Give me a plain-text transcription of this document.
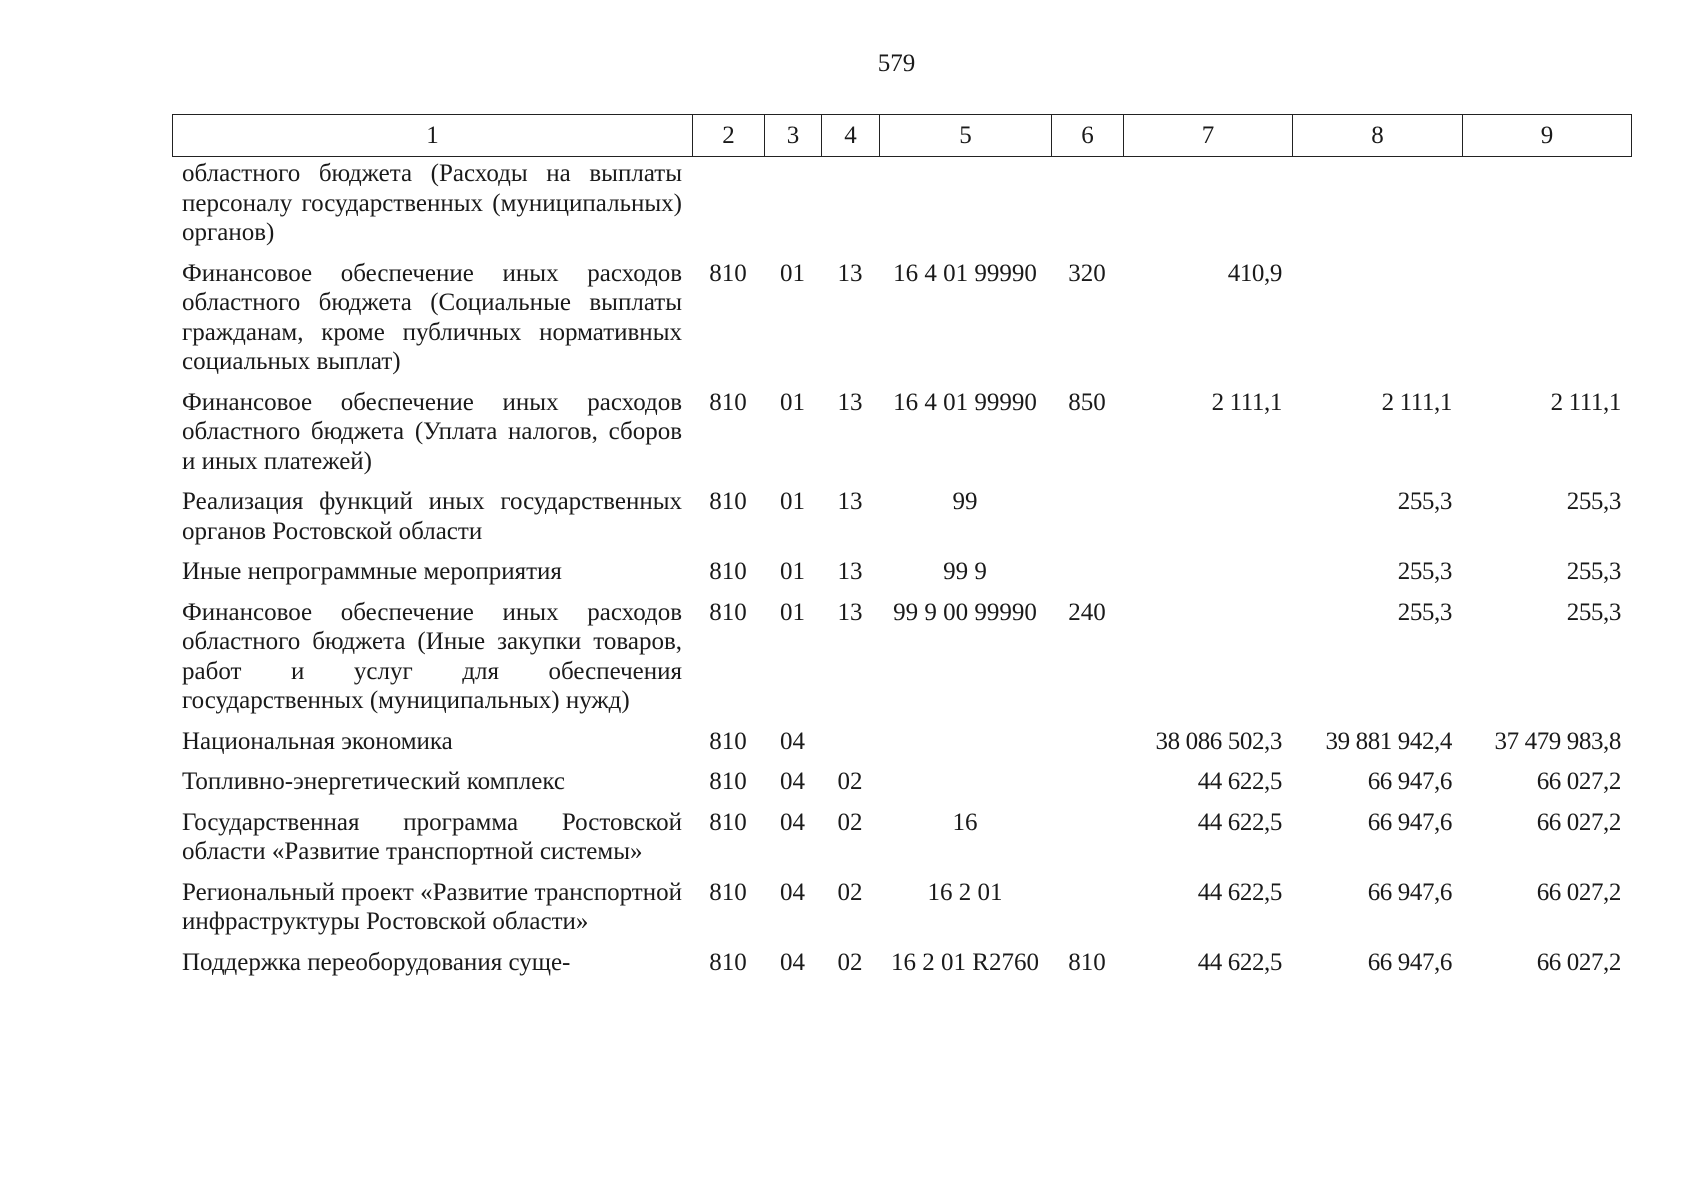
579
1	2	3	4	5	6	7	8	9
областного бюджета (Расходы на выплаты персоналу государственных (муниципальных) органов)								
Финансовое обеспечение иных расходов областного бюджета (Социальные выплаты гражданам, кроме публичных нормативных социальных выплат)	810	01	13	16 4 01 99990	320	410,9		
Финансовое обеспечение иных расходов областного бюджета (Уплата налогов, сборов и иных платежей)	810	01	13	16 4 01 99990	850	2 111,1	2 111,1	2 111,1
Реализация функций иных государственных органов Ростовской области	810	01	13	99			255,3	255,3
Иные непрограммные мероприятия	810	01	13	99 9			255,3	255,3
Финансовое обеспечение иных расходов областного бюджета (Иные закупки товаров, работ и услуг для обеспечения государственных (муниципальных) нужд)	810	01	13	99 9 00 99990	240		255,3	255,3
Национальная экономика	810	04				38 086 502,3	39 881 942,4	37 479 983,8
Топливно-энергетический комплекс	810	04	02			44 622,5	66 947,6	66 027,2
Государственная программа Ростовской области «Развитие транспортной системы»	810	04	02	16		44 622,5	66 947,6	66 027,2
Региональный проект «Развитие транспортной инфраструктуры Ростовской области»	810	04	02	16 2 01		44 622,5	66 947,6	66 027,2
Поддержка переоборудования суще-	810	04	02	16 2 01 R2760	810	44 622,5	66 947,6	66 027,2
